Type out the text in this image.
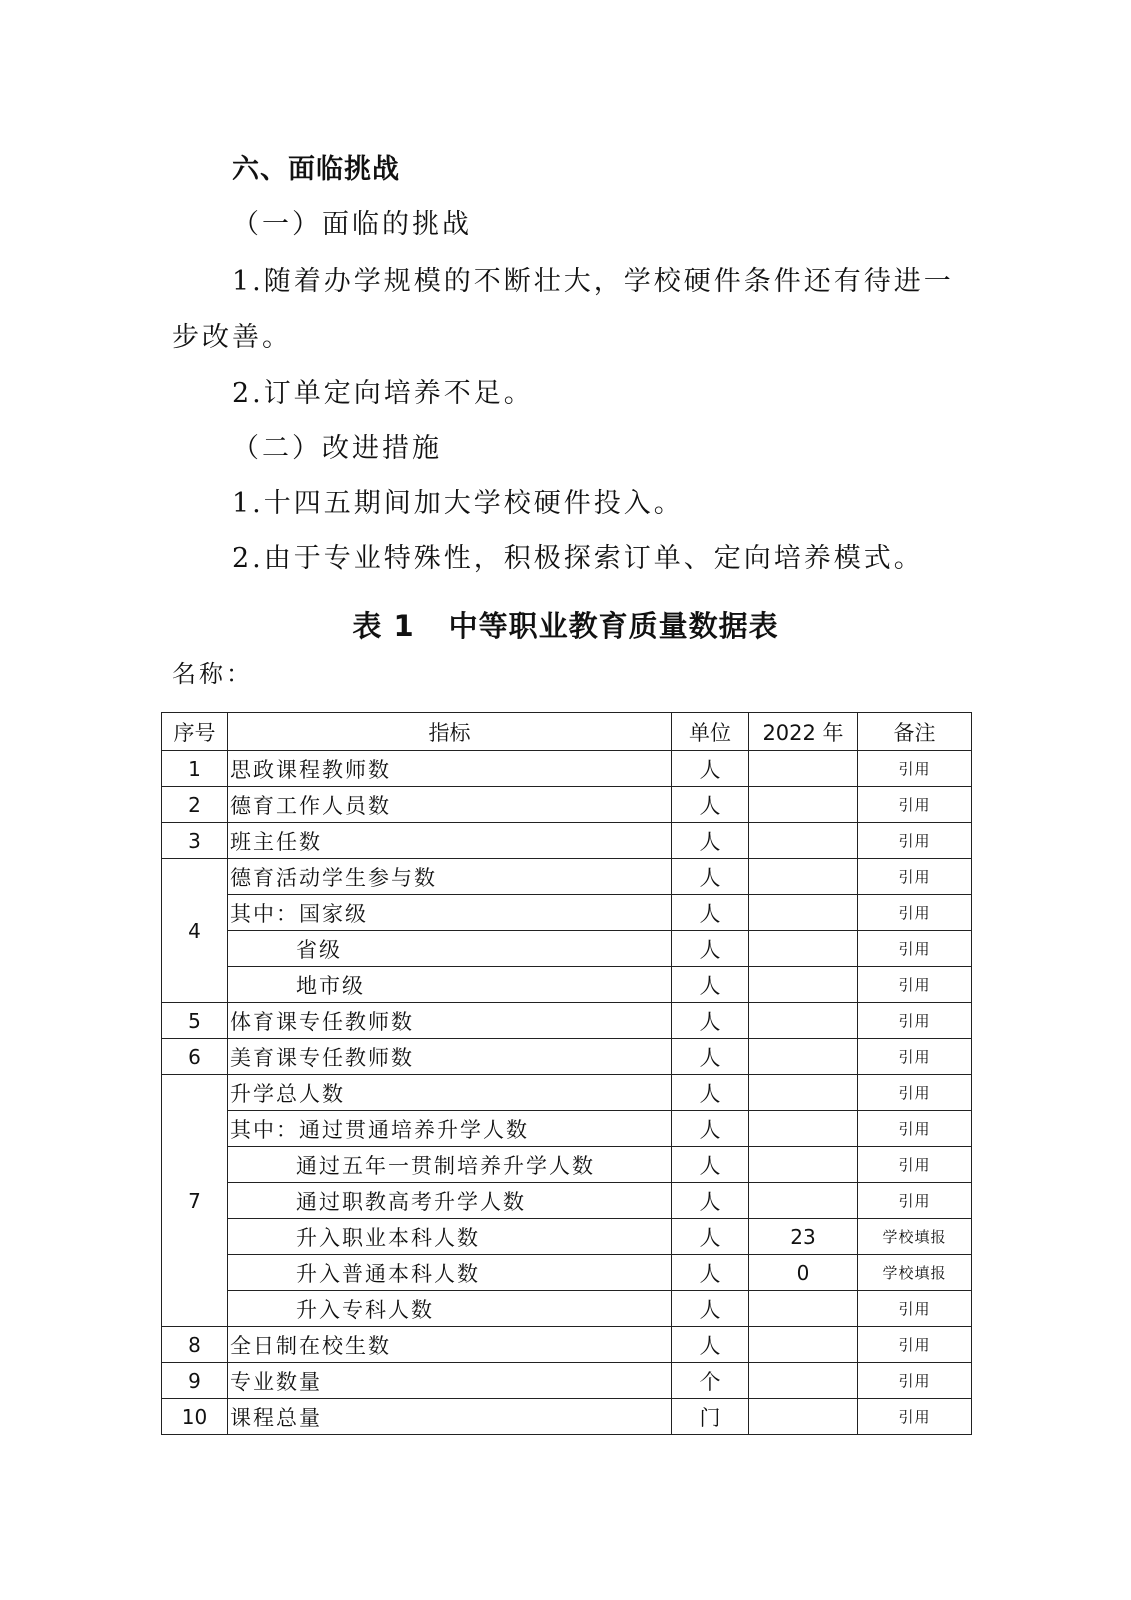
六、面临挑战
（一）面临的挑战
1.随着办学规模的不断壮大，学校硬件条件还有待进一
步改善。
2.订单定向培养不足。
（二）改进措施
1.十四五期间加大学校硬件投入。
2.由于专业特殊性，积极探索订单、定向培养模式。
表 1 中等职业教育质量数据表
名称：
序号	指标	单位	2022 年	备注
1	思政课程教师数	人		引用
2	德育工作人员数	人		引用
3	班主任数	人		引用
4	德育活动学生参与数	人		引用
	其中：国家级	人		引用
	省级	人		引用
	地市级	人		引用
5	体育课专任教师数	人		引用
6	美育课专任教师数	人		引用
7	升学总人数	人		引用
	其中：通过贯通培养升学人数	人		引用
	通过五年一贯制培养升学人数	人		引用
	通过职教高考升学人数	人		引用
	升入职业本科人数	人	23	学校填报
	升入普通本科人数	人	0	学校填报
	升入专科人数	人		引用
8	全日制在校生数	人		引用
9	专业数量	个		引用
10	课程总量	门		引用
